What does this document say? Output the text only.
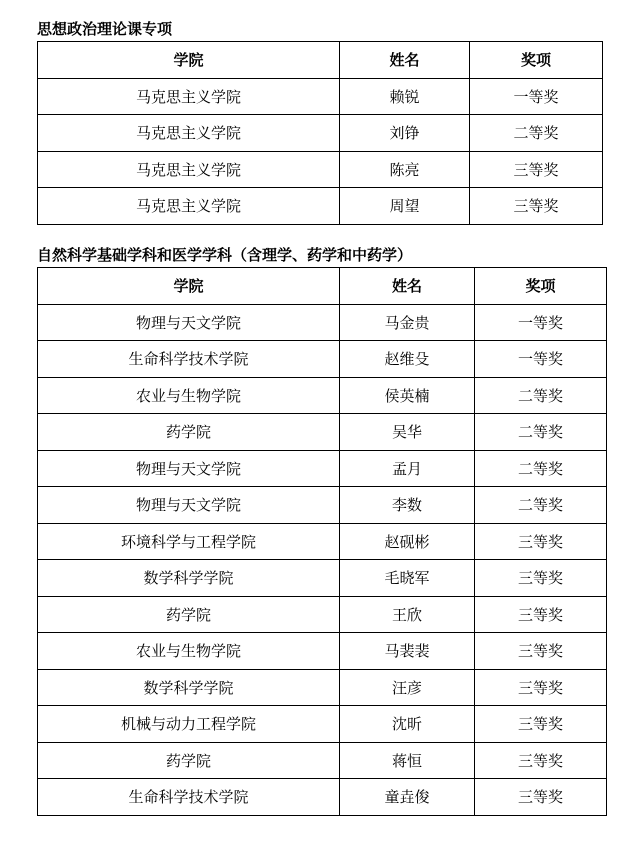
思想政治理论课专项
学院	姓名	奖项
马克思主义学院	赖锐	一等奖
马克思主义学院	刘铮	二等奖
马克思主义学院	陈亮	三等奖
马克思主义学院	周望	三等奖
自然科学基础学科和医学学科（含理学、药学和中药学）
学院	姓名	奖项
物理与天文学院	马金贵	一等奖
生命科学技术学院	赵维殳	一等奖
农业与生物学院	侯英楠	二等奖
药学院	吴华	二等奖
物理与天文学院	孟月	二等奖
物理与天文学院	李数	二等奖
环境科学与工程学院	赵砚彬	三等奖
数学科学学院	毛晓军	三等奖
药学院	王欣	三等奖
农业与生物学院	马裴裴	三等奖
数学科学学院	汪彦	三等奖
机械与动力工程学院	沈昕	三等奖
药学院	蒋恒	三等奖
生命科学技术学院	童垚俊	三等奖
